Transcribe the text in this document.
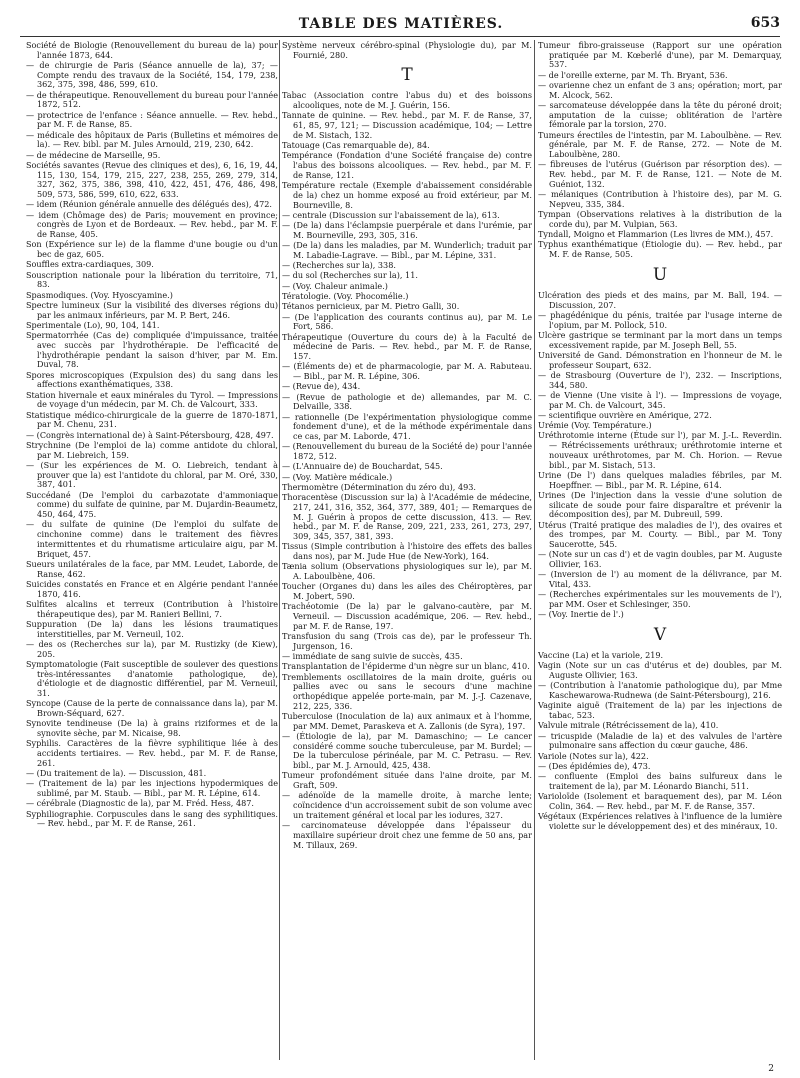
TABLE DES MATIÈRES.	653
Société de Biologie (Renouvellement du bureau de la) pour l'année 1873, 644.
— de chirurgie de Paris (Séance annuelle de la), 37; — Compte rendu des travaux de la Société, 154, 179, 238, 362, 375, 398, 486, 599, 610.
— de thérapeutique. Renouvellement du bureau pour l'année 1872, 512.
— protectrice de l'enfance : Séance annuelle. — Rev. hebd., par M. F. de Ranse, 85.
— médicale des hôpitaux de Paris (Bulletins et mémoires de la). — Rev. bibl. par M. Jules Arnould, 219, 230, 642.
— de médecine de Marseille, 95.
Sociétés savantes (Revue des cliniques et des), 6, 16, 19, 44, 115, 130, 154, 179, 215, 227, 238, 255, 269, 279, 314, 327, 362, 375, 386, 398, 410, 422, 451, 476, 486, 498, 509, 573, 586, 599, 610, 622, 633.
— idem (Réunion générale annuelle des délégués des), 472.
— idem (Chômage des) de Paris; mouvement en province; congrès de Lyon et de Bordeaux. — Rev. hebd., par M. F. de Ranse, 405.
Son (Expérience sur le) de la flamme d'une bougie ou d'un bec de gaz, 605.
Souffles extra-cardiaques, 309.
Souscription nationale pour la libération du territoire, 71, 83.
Spasmodiques. (Voy. Hyoscyamine.)
Spectre lumineux (Sur la visibilité des diverses régions du) par les animaux inférieurs, par M. P. Bert, 246.
Sperimentale (Lo), 90, 104, 141.
Spermatorrhée (Cas de) compliquée d'impuissance, traitée avec succès par l'hydrothérapie. De l'efficacité de l'hydrothérapie pendant la saison d'hiver, par M. Em. Duval, 78.
Spores microscopiques (Expulsion des) du sang dans les affections exanthématiques, 338.
Station hivernale et eaux minérales du Tyrol. — Impressions de voyage d'un médecin, par M. Ch. de Valcourt, 333.
Statistique médico-chirurgicale de la guerre de 1870-1871, par M. Chenu, 231.
— (Congrès international de) à Saint-Pétersbourg, 428, 497.
Strychnine (De l'emploi de la) comme antidote du chloral, par M. Liebreich, 159.
— (Sur les expériences de M. O. Liebreich, tendant à prouver que la) est l'antidote du chloral, par M. Oré, 330, 387, 401.
Succédané (De l'emploi du carbazotate d'ammoniaque comme) du sulfate de quinine, par M. Dujardin-Beaumetz, 450, 464, 475.
— du sulfate de quinine (De l'emploi du sulfate de cinchonine comme) dans le traitement des fièvres intermittentes et du rhumatisme articulaire aigu, par M. Briquet, 457.
Sueurs unilatérales de la face, par MM. Leudet, Laborde, de Ranse, 462.
Suicides constatés en France et en Algérie pendant l'année 1870, 416.
Sulfites alcalins et terreux (Contribution à l'histoire thérapeutique des), par M. Ranieri Bellini, 7.
Suppuration (De la) dans les lésions traumatiques interstitielles, par M. Verneuil, 102.
— des os (Recherches sur la), par M. Rustizky (de Kiew), 205.
Symptomatologie (Fait susceptible de soulever des questions très-intéressantes d'anatomie pathologique, de), d'étiologie et de diagnostic différentiel, par M. Verneuil, 31.
Syncope (Cause de la perte de connaissance dans la), par M. Brown-Séquard, 627.
Synovite tendineuse (De la) à grains riziformes et de la synovite sèche, par M. Nicaise, 98.
Syphilis. Caractères de la fièvre syphilitique liée à des accidents tertiaires. — Rev. hebd., par M. F. de Ranse, 261.
— (Du traitement de la). — Discussion, 481.
— (Traitement de la) par les injections hypodermiques de sublimé, par M. Staub. — Bibl., par M. R. Lépine, 614.
— cérébrale (Diagnostic de la), par M. Fréd. Hess, 487.
Syphiliographie. Corpuscules dans le sang des syphilitiques. — Rev. hebd., par M. F. de Ranse, 261.
Système nerveux cérébro-spinal (Physiologie du), par M. Fournié, 280.
T
Tabac (Association contre l'abus du) et des boissons alcooliques, note de M. J. Guérin, 156.
Tannate de quinine. — Rev. hebd., par M. F. de Ranse, 37, 61, 85, 97, 121; — Discussion académique, 104; — Lettre de M. Sistach, 132.
Tatouage (Cas remarquable de), 84.
Tempérance (Fondation d'une Société française de) contre l'abus des boissons alcooliques. — Rev. hebd., par M. F. de Ranse, 121.
Température rectale (Exemple d'abaissement considérable de la) chez un homme exposé au froid extérieur, par M. Bourneville, 8.
— centrale (Discussion sur l'abaissement de la), 613.
— (De la) dans l'éclampsie puerpérale et dans l'urémie, par M. Bourneville, 293, 305, 316.
— (De la) dans les maladies, par M. Wunderlich; traduit par M. Labadie-Lagrave. — Bibl., par M. Lépine, 331.
— (Recherches sur la), 338.
— du sol (Recherches sur la), 11.
— (Voy. Chaleur animale.)
Tératologie. (Voy. Phocomélie.)
Tétanos pernicieux, par M. Pietro Galli, 30.
— (De l'application des courants continus au), par M. Le Fort, 586.
Thérapeutique (Ouverture du cours de) à la Faculté de médecine de Paris. — Rev. hebd., par M. F. de Ranse, 157.
— (Éléments de) et de pharmacologie, par M. A. Rabuteau. — Bibl., par M. R. Lépine, 306.
— (Revue de), 434.
— (Revue de pathologie et de) allemandes, par M. C. Delvaille, 338.
— rationnelle (De l'expérimentation physiologique comme fondement d'une), et de la méthode expérimentale dans ce cas, par M. Laborde, 471.
— (Renouvellement du bureau de la Société de) pour l'année 1872, 512.
— (L'Annuaire de) de Bouchardat, 545.
— (Voy. Matière médicale.)
Thermomètre (Détermination du zéro du), 493.
Thoracentèse (Discussion sur la) à l'Académie de médecine, 217, 241, 316, 352, 364, 377, 389, 401; — Remarques de M. J. Guérin à propos de cette discussion, 413. — Rev. hebd., par M. F. de Ranse, 209, 221, 233, 261, 273, 297, 309, 345, 357, 381, 393.
Tissus (Simple contribution à l'histoire des effets des balles dans nos), par M. Jude Hue (de New-York), 164.
Tænia solium (Observations physiologiques sur le), par M. A. Laboulbène, 406.
Toucher (Organes du) dans les ailes des Chéiroptères, par M. Jobert, 590.
Trachéotomie (De la) par le galvano-cautère, par M. Verneuil. — Discussion académique, 206. — Rev. hebd., par M. F. de Ranse, 197.
Transfusion du sang (Trois cas de), par le professeur Th. Jurgenson, 16.
— immédiate de sang suivie de succès, 435.
Transplantation de l'épiderme d'un nègre sur un blanc, 410.
Tremblements oscillatoires de la main droite, guéris ou pallies avec ou sans le secours d'une machine orthopédique appelée porte-main, par M. J.-J. Cazenave, 212, 225, 336.
Tuberculose (Inoculation de la) aux animaux et à l'homme, par MM. Demet, Paraskeva et A. Zallonis (de Syra), 197.
— (Étiologie de la), par M. Damaschino; — Le cancer considéré comme souche tuberculeuse, par M. Burdel; — De la tuberculose périnéale, par M. C. Petrasu. — Rev. bibl., par M. J. Arnould, 425, 438.
Tumeur profondément située dans l'aine droite, par M. Graft, 509.
— adénoïde de la mamelle droite, à marche lente; coïncidence d'un accroissement subit de son volume avec un traitement général et local par les iodures, 327.
— carcinomateuse développée dans l'épaisseur du maxillaire supérieur droit chez une femme de 50 ans, par M. Tillaux, 269.
Tumeur fibro-graisseuse (Rapport sur une opération pratiquée par M. Kœberlé d'une), par M. Demarquay, 537.
— de l'oreille externe, par M. Th. Bryant, 536.
— ovarienne chez un enfant de 3 ans; opération; mort, par M. Alcock, 562.
— sarcomateuse développée dans la tête du péroné droit; amputation de la cuisse; oblitération de l'artère fémorale par la torsion, 270.
Tumeurs érectiles de l'intestin, par M. Laboulbène. — Rev. générale, par M. F. de Ranse, 272. — Note de M. Laboulbène, 280.
— fibreuses de l'utérus (Guérison par résorption des). — Rev. hebd., par M. F. de Ranse, 121. — Note de M. Guéniot, 132.
— mélaniques (Contribution à l'histoire des), par M. G. Nepveu, 335, 384.
Tympan (Observations relatives à la distribution de la corde du), par M. Vulpian, 563.
Tyndall, Moigno et Flammarion (Les livres de MM.), 457.
Typhus exanthématique (Étiologie du). — Rev. hebd., par M. F. de Ranse, 505.
U
Ulcération des pieds et des mains, par M. Ball, 194. — Discussion, 207.
— phagédénique du pénis, traitée par l'usage interne de l'opium, par M. Pollock, 510.
Ulcère gastrique se terminant par la mort dans un temps excessivement rapide, par M. Joseph Bell, 55.
Université de Gand. Démonstration en l'honneur de M. le professeur Soupart, 632.
— de Strasbourg (Ouverture de l'), 232. — Inscriptions, 344, 580.
— de Vienne (Une visite à l'). — Impressions de voyage, par M. Ch. de Valcourt, 345.
— scientifique ouvrière en Amérique, 272.
Urémie (Voy. Température.)
Uréthrotomie interne (Étude sur l'), par M. J.-L. Reverdin. — Rétrécissements uréthraux; uréthrotomie interne et nouveaux uréthrotomes, par M. Ch. Horion. — Revue bibl., par M. Sistach, 513.
Urine (De l') dans quelques maladies fébriles, par M. Hoepffner. — Bibl., par M. R. Lépine, 614.
Urines (De l'injection dans la vessie d'une solution de silicate de soude pour faire disparaître et prévenir la décomposition des), par M. Dubreuil, 599.
Utérus (Traité pratique des maladies de l'), des ovaires et des trompes, par M. Courty. — Bibl., par M. Tony Saucerotte, 545.
— (Note sur un cas d') et de vagin doubles, par M. Auguste Ollivier, 163.
— (Inversion de l') au moment de la délivrance, par M. Vital, 433.
— (Recherches expérimentales sur les mouvements de l'), par MM. Oser et Schlesinger, 350.
— (Voy. Inertie de l'.)
V
Vaccine (La) et la variole, 219.
Vagin (Note sur un cas d'utérus et de) doubles, par M. Auguste Ollivier, 163.
— (Contribution à l'anatomie pathologique du), par Mme Kaschewarowa-Rudnewa (de Saint-Pétersbourg), 216.
Vaginite aiguë (Traitement de la) par les injections de tabac, 523.
Valvule mitrale (Rétrécissement de la), 410.
— tricuspide (Maladie de la) et des valvules de l'artère pulmonaire sans affection du cœur gauche, 486.
Variole (Notes sur la), 422.
— (Des épidémies de), 473.
— confluente (Emploi des bains sulfureux dans le traitement de la), par M. Léonardo Bianchi, 511.
Varioloïde (Isolement et baraquement des), par M. Léon Colin, 364. — Rev. hebd., par M. F. de Ranse, 357.
Végétaux (Expériences relatives à l'influence de la lumière violette sur le développement des) et des minéraux, 10.
2
